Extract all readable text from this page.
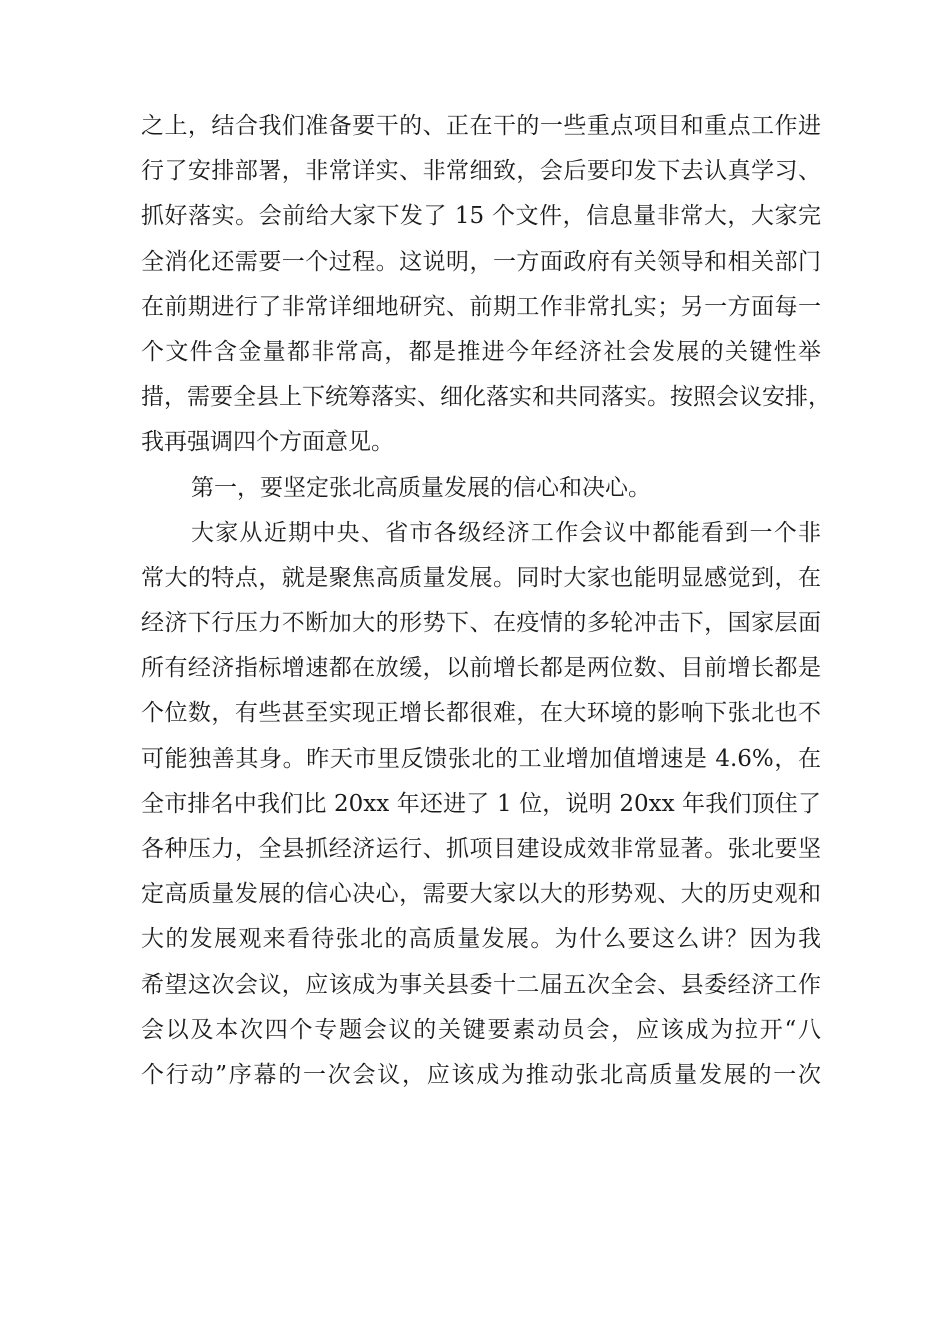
之上，结合我们准备要干的、正在干的一些重点项目和重点工作进
行了安排部署，非常详实、非常细致，会后要印发下去认真学习、
抓好落实。会前给大家下发了 15 个文件，信息量非常大，大家完
全消化还需要一个过程。这说明，一方面政府有关领导和相关部门
在前期进行了非常详细地研究、前期工作非常扎实；另一方面每一
个文件含金量都非常高，都是推进今年经济社会发展的关键性举
措，需要全县上下统筹落实、细化落实和共同落实。按照会议安排，
我再强调四个方面意见。
第一，要坚定张北高质量发展的信心和决心。
大家从近期中央、省市各级经济工作会议中都能看到一个非
常大的特点，就是聚焦高质量发展。同时大家也能明显感觉到，在
经济下行压力不断加大的形势下、在疫情的多轮冲击下，国家层面
所有经济指标增速都在放缓，以前增长都是两位数、目前增长都是
个位数，有些甚至实现正增长都很难，在大环境的影响下张北也不
可能独善其身。昨天市里反馈张北的工业增加值增速是 4.6%，在
全市排名中我们比 20xx 年还进了 1 位，说明 20xx 年我们顶住了
各种压力，全县抓经济运行、抓项目建设成效非常显著。张北要坚
定高质量发展的信心决心，需要大家以大的形势观、大的历史观和
大的发展观来看待张北的高质量发展。为什么要这么讲？因为我
希望这次会议，应该成为事关县委十二届五次全会、县委经济工作
会以及本次四个专题会议的关键要素动员会，应该成为拉开“八
个行动”序幕的一次会议，应该成为推动张北高质量发展的一次
